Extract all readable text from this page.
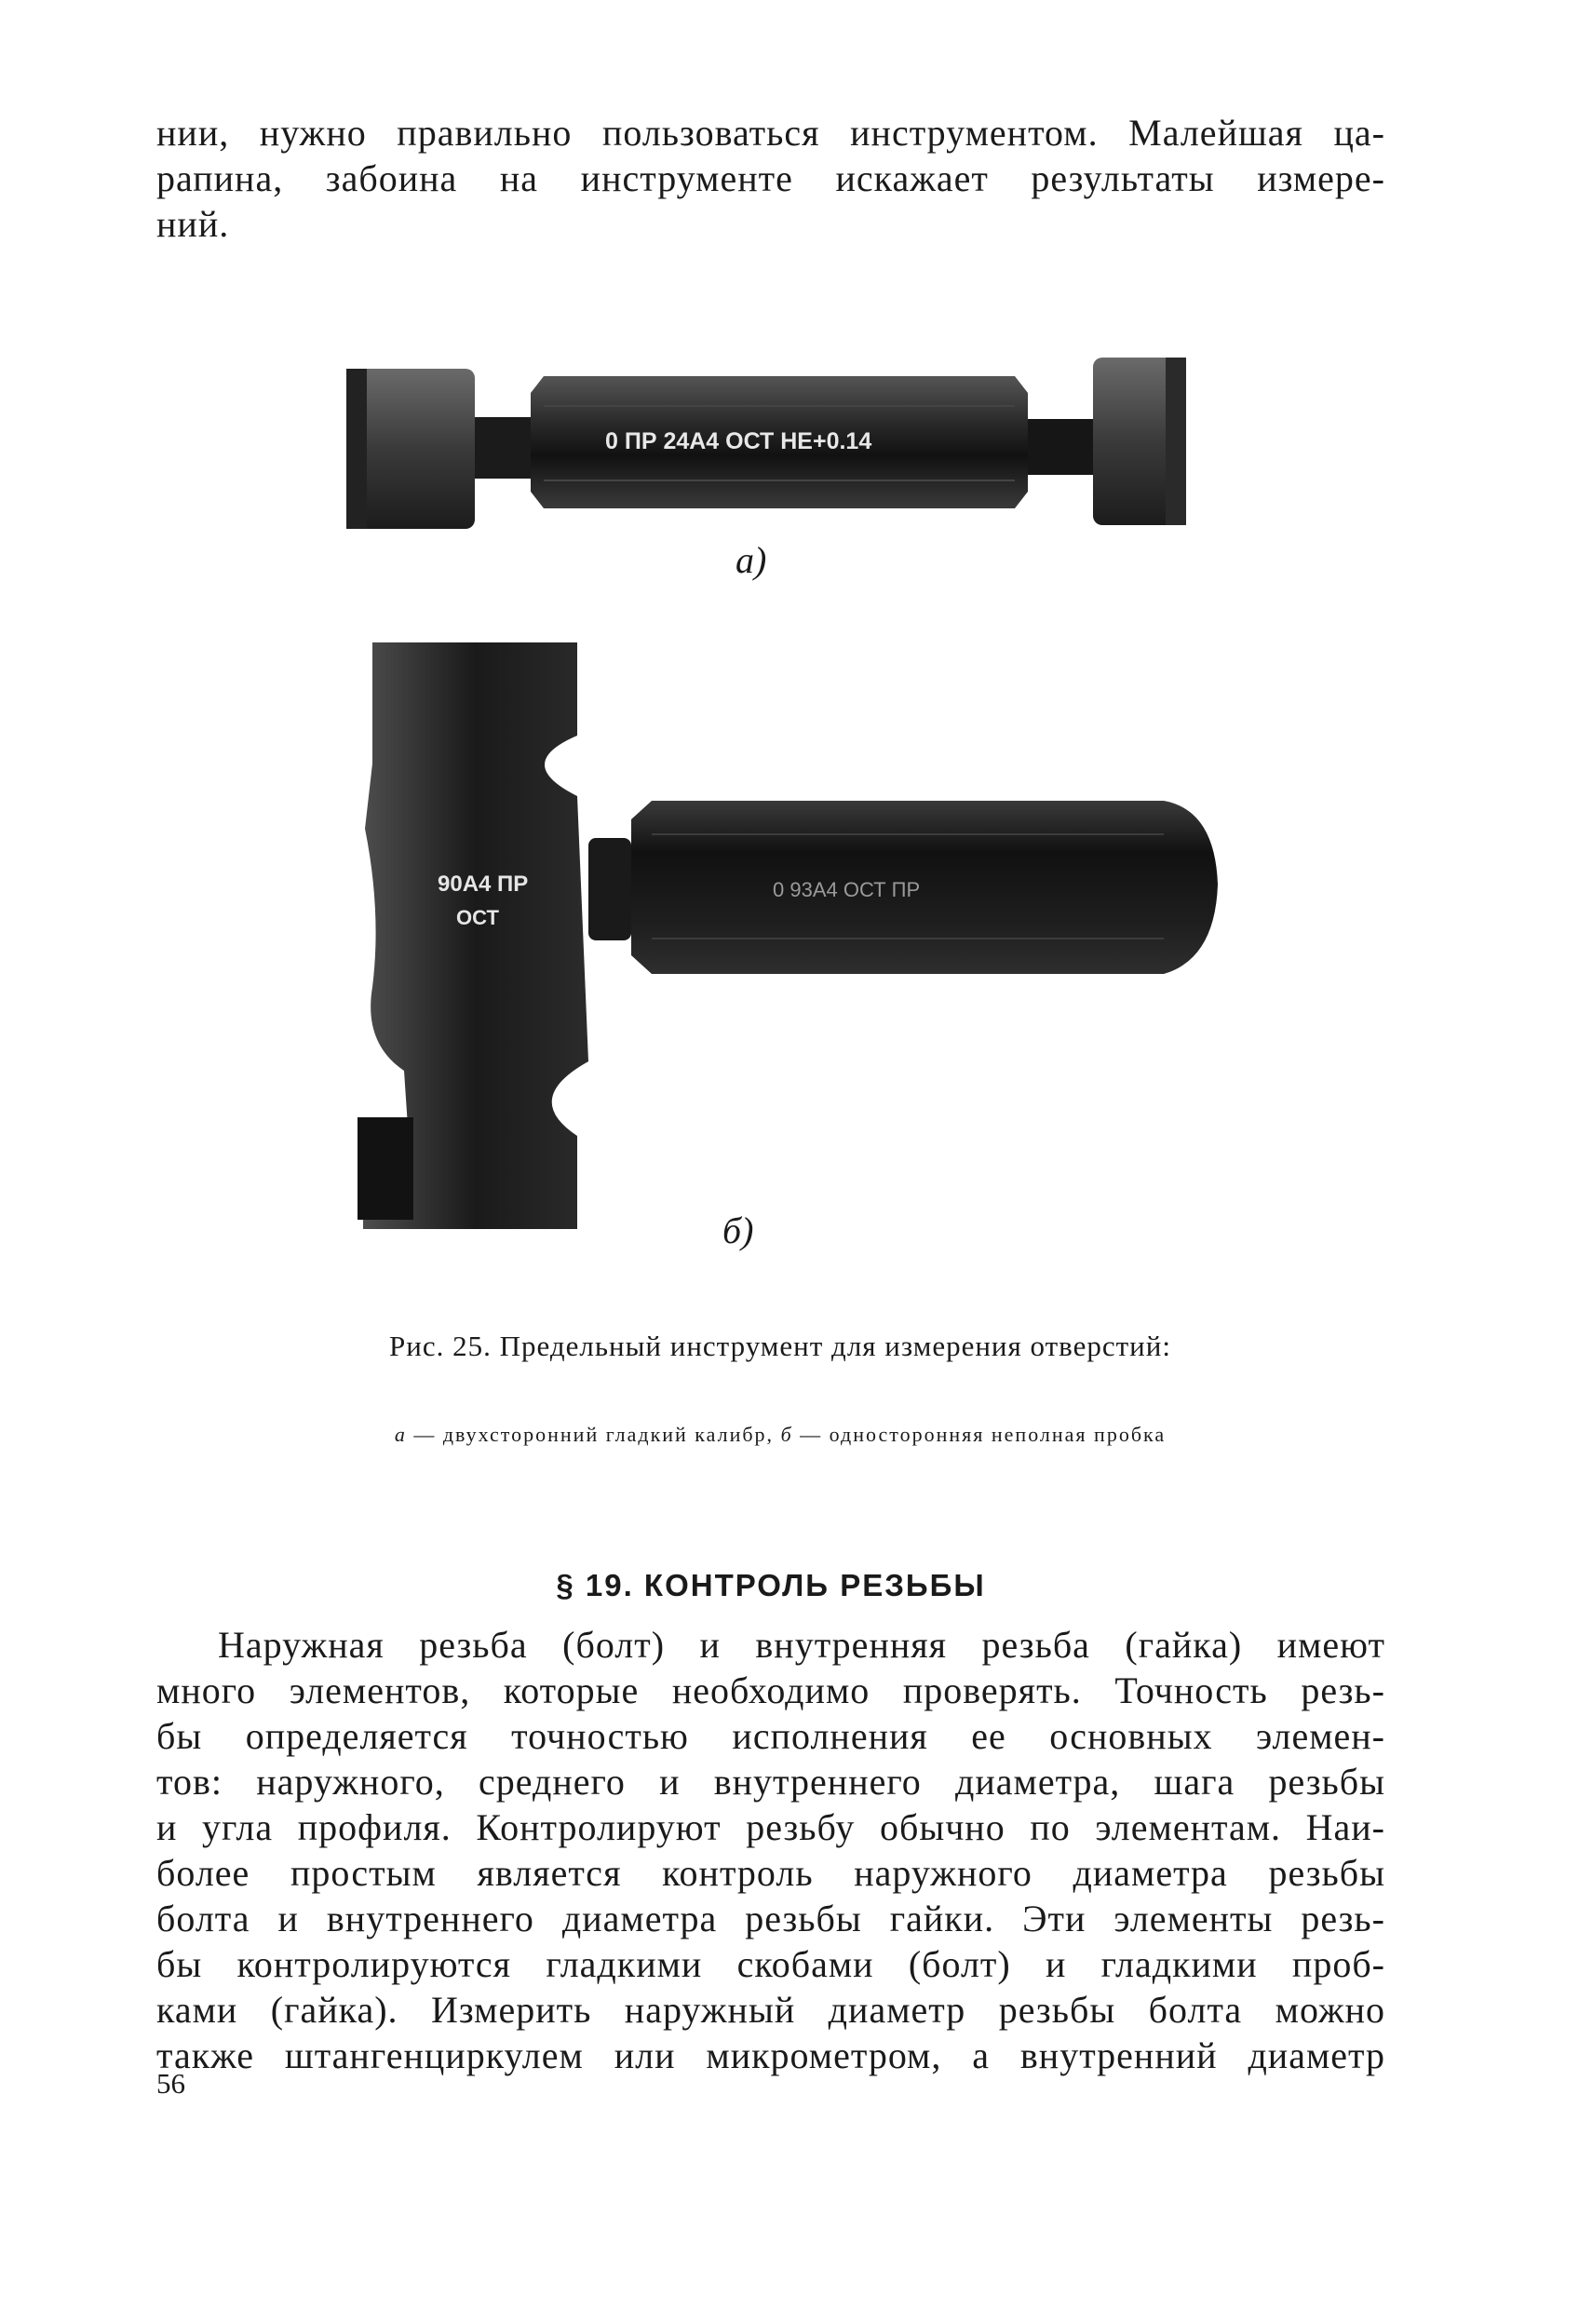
нии, нужно правильно пользоваться инструментом. Малейшая ца-
рапина, забоина на инструменте искажает результаты измере-
ний.

0 ПР 24А4 ОСТ НЕ+0.14
а)
90А4 ПР
ОСТ
0 93А4 ОСТ ПР
б)
Рис. 25. Предельный инструмент для измерения отверстий:
а — двухсторонний гладкий калибр, б — односторонняя неполная пробка
§ 19. КОНТРОЛЬ РЕЗЬБЫ

Наружная резьба (болт) и внутренняя резьба (гайка) имеют
много элементов, которые необходимо проверять. Точность резь-
бы определяется точностью исполнения ее основных элемен-
тов: наружного, среднего и внутреннего диаметра, шага резьбы
и угла профиля. Контролируют резьбу обычно по элементам. Наи-
более простым является контроль наружного диаметра резьбы
болта и внутреннего диаметра резьбы гайки. Эти элементы резь-
бы контролируются гладкими скобами (болт) и гладкими проб-
ками (гайка). Измерить наружный диаметр резьбы болта можно
также штангенциркулем или микрометром, а внутренний диаметр

56
